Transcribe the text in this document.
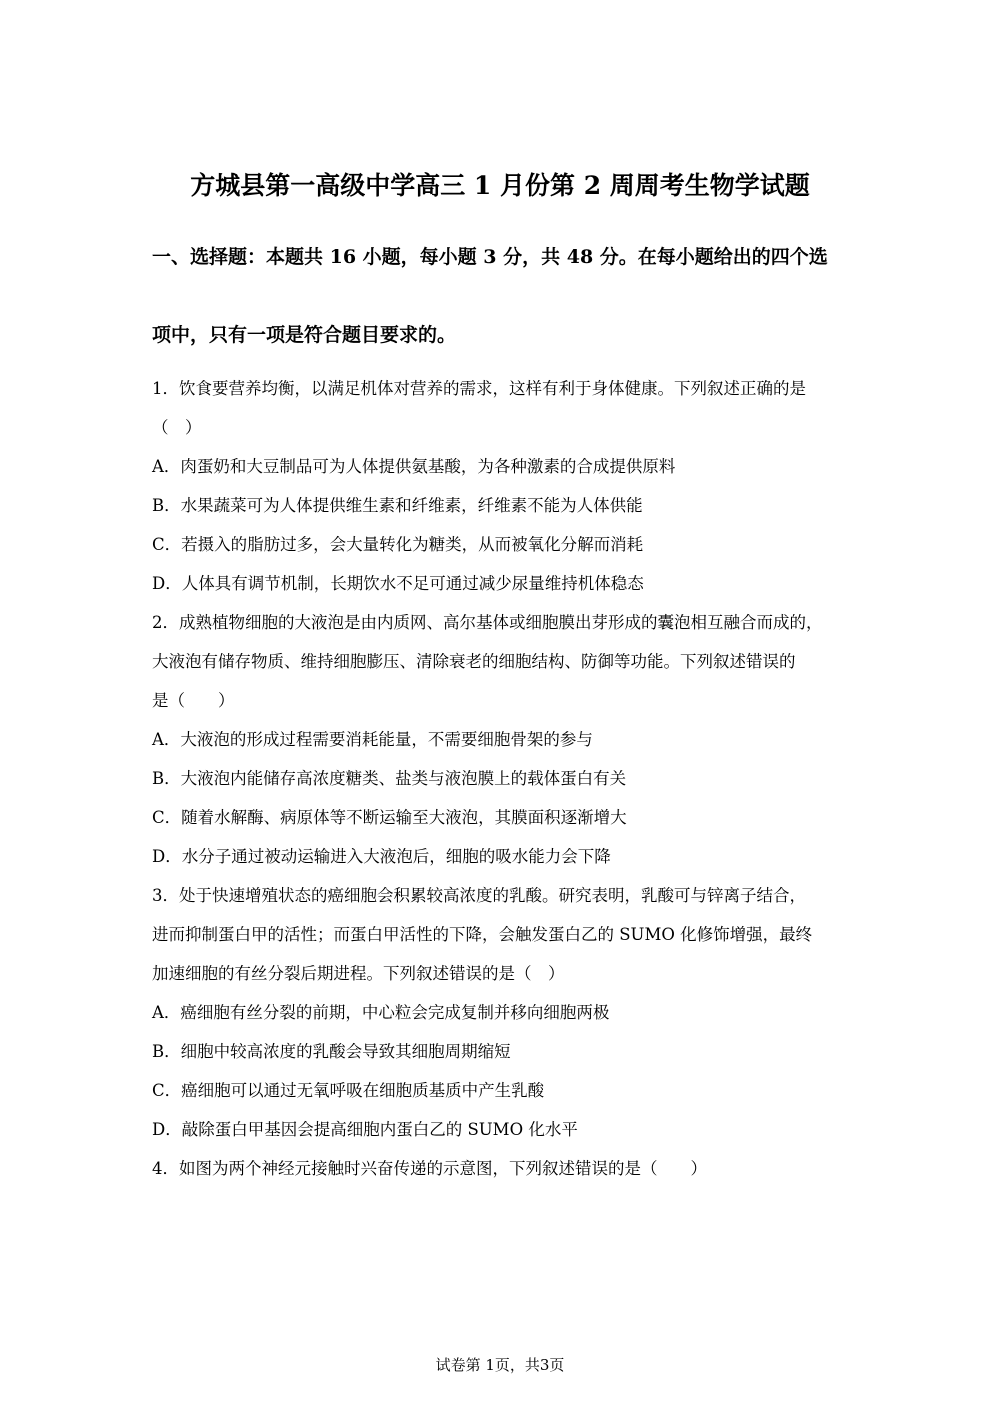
方城县第一高级中学高三 1 月份第 2 周周考生物学试题
一、选择题：本题共 16 小题，每小题 3 分，共 48 分。在每小题给出的四个选
项中，只有一项是符合题目要求的。
1．饮食要营养均衡，以满足机体对营养的需求，这样有利于身体健康。下列叙述正确的是
（　）
A．肉蛋奶和大豆制品可为人体提供氨基酸，为各种激素的合成提供原料
B．水果蔬菜可为人体提供维生素和纤维素，纤维素不能为人体供能
C．若摄入的脂肪过多，会大量转化为糖类，从而被氧化分解而消耗
D．人体具有调节机制，长期饮水不足可通过减少尿量维持机体稳态
2．成熟植物细胞的大液泡是由内质网、高尔基体或细胞膜出芽形成的囊泡相互融合而成的，
大液泡有储存物质、维持细胞膨压、清除衰老的细胞结构、防御等功能。下列叙述错误的
是（　　）
A．大液泡的形成过程需要消耗能量，不需要细胞骨架的参与
B．大液泡内能储存高浓度糖类、盐类与液泡膜上的载体蛋白有关
C．随着水解酶、病原体等不断运输至大液泡，其膜面积逐渐增大
D．水分子通过被动运输进入大液泡后，细胞的吸水能力会下降
3．处于快速增殖状态的癌细胞会积累较高浓度的乳酸。研究表明，乳酸可与锌离子结合，
进而抑制蛋白甲的活性；而蛋白甲活性的下降，会触发蛋白乙的 SUMO 化修饰增强，最终
加速细胞的有丝分裂后期进程。下列叙述错误的是（　）
A．癌细胞有丝分裂的前期，中心粒会完成复制并移向细胞两极
B．细胞中较高浓度的乳酸会导致其细胞周期缩短
C．癌细胞可以通过无氧呼吸在细胞质基质中产生乳酸
D．敲除蛋白甲基因会提高细胞内蛋白乙的 SUMO 化水平
4．如图为两个神经元接触时兴奋传递的示意图，下列叙述错误的是（　　）
试卷第 1页，共3页
